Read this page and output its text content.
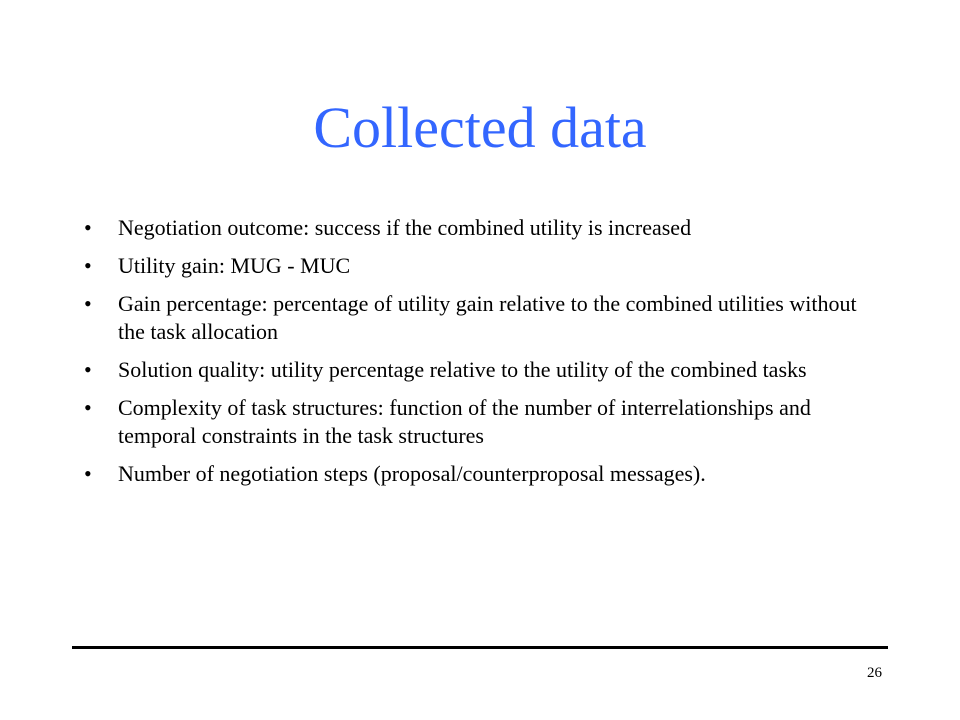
Collected data
• Negotiation outcome: success if the combined utility is increased
• Utility gain: MUG - MUC
• Gain percentage: percentage of utility gain relative to the combined utilities without the task allocation
• Solution quality: utility percentage relative to the utility of the combined tasks
• Complexity of task structures: function of the number of interrelationships and temporal constraints in the task structures
• Number of negotiation steps (proposal/counterproposal messages).
26
